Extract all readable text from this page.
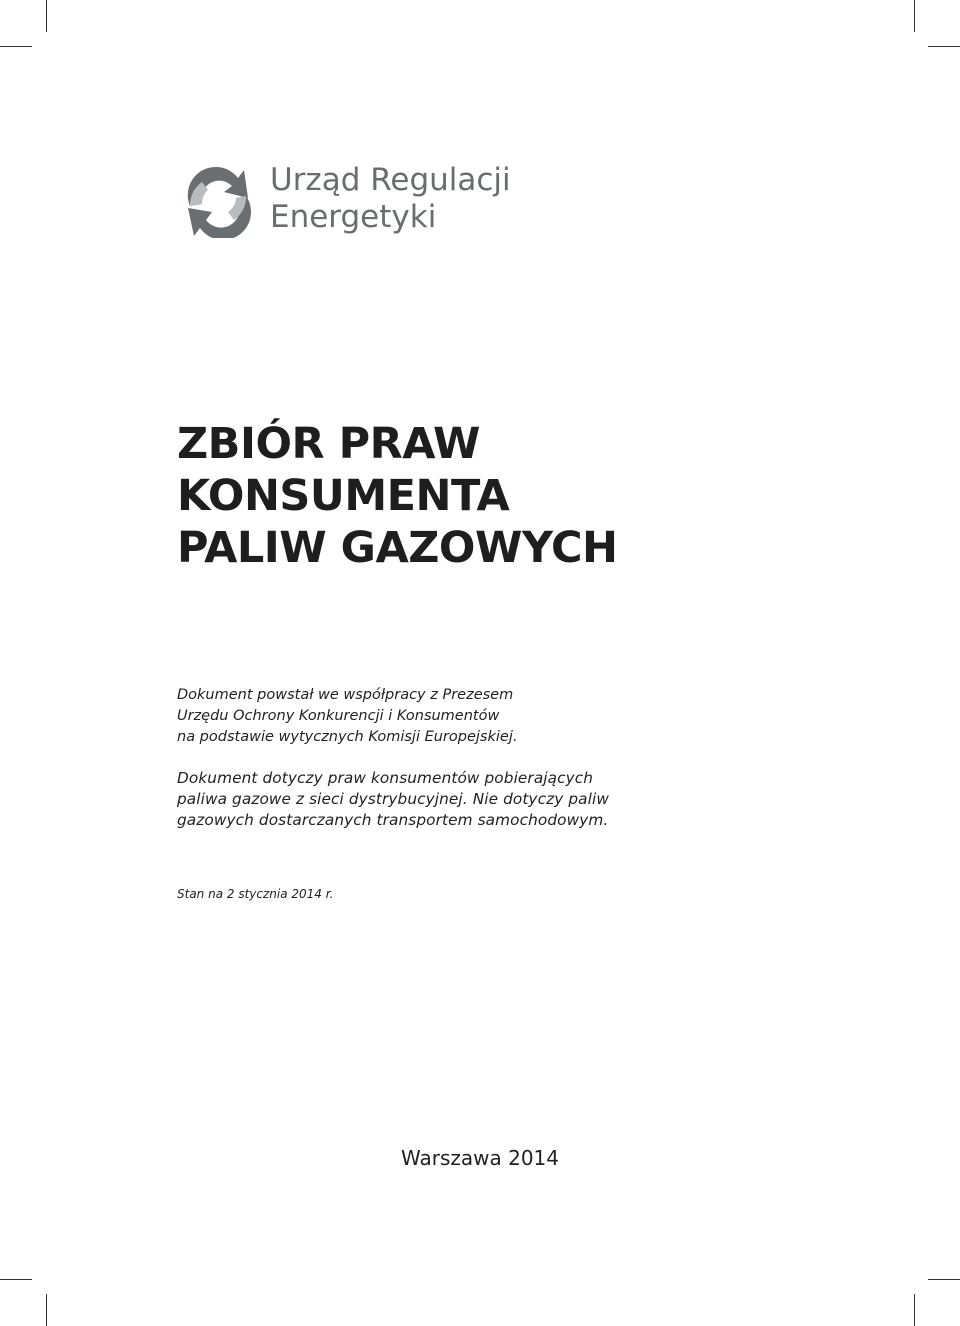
Urząd Regulacji
Energetyki
ZBIÓR PRAW
KONSUMENTA
PALIW GAZOWYCH
Dokument powstał we współpracy z Prezesem
Urzędu Ochrony Konkurencji i Konsumentów
na podstawie wytycznych Komisji Europejskiej.
Dokument dotyczy praw konsumentów pobierających
paliwa gazowe z sieci dystrybucyjnej. Nie dotyczy paliw
gazowych dostarczanych transportem samochodowym.
Stan na 2 stycznia 2014 r.
Warszawa 2014
